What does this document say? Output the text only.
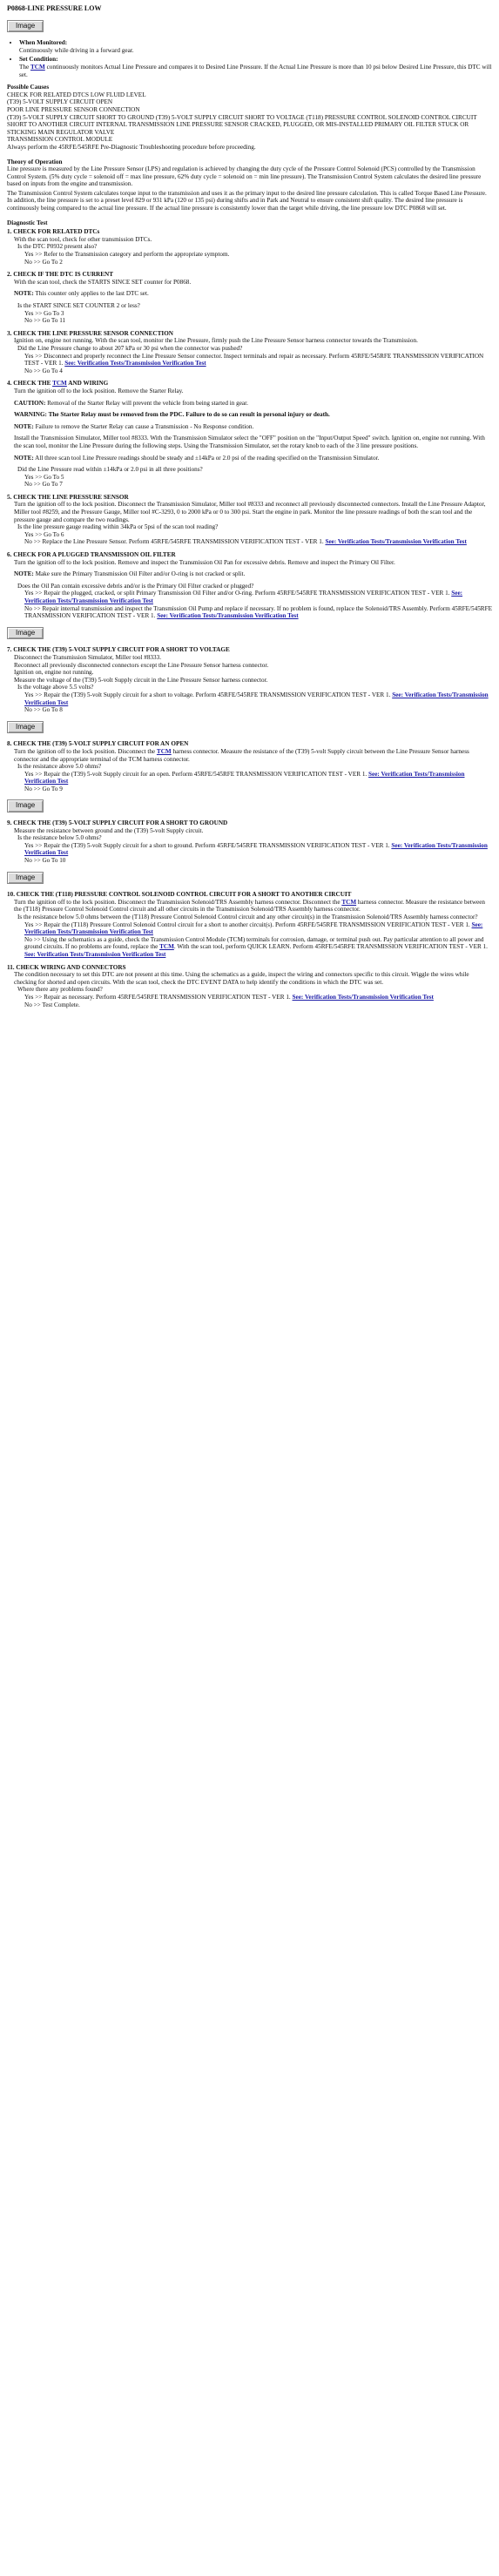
P0868-LINE PRESSURE LOW
Image
• When Monitored:
Continuously while driving in a forward gear.
• Set Condition:
The TCM continuously monitors Actual Line Pressure and compares it to Desired Line Pressure. If the Actual Line Pressure is more than 10 psi below Desired Line Pressure, this DTC will set.
Possible Causes
CHECK FOR RELATED DTCS LOW FLUID LEVEL
(T39) 5-VOLT SUPPLY CIRCUIT OPEN
POOR LINE PRESSURE SENSOR CONNECTION
(T39) 5-VOLT SUPPLY CIRCUIT SHORT TO GROUND (T39) 5-VOLT SUPPLY CIRCUIT SHORT TO VOLTAGE (T118) PRESSURE CONTROL SOLENOID CONTROL CIRCUIT SHORT TO ANOTHER CIRCUIT INTERNAL TRANSMISSION LINE PRESSURE SENSOR CRACKED, PLUGGED, OR MIS-INSTALLED PRIMARY OIL FILTER STUCK OR STICKING MAIN REGULATOR VALVE
TRANSMISSION CONTROL MODULE
Always perform the 45RFE/545RFE Pre-Diagnostic Troubleshooting procedure before proceeding.
Theory of Operation
Line pressure is measured by the Line Pressure Sensor (LPS) and regulation is achieved by changing the duty cycle of the Pressure Control Solenoid (PCS) controlled by the Transmission Control System. (5% duty cycle = solenoid off = max line pressure, 62% duty cycle = solenoid on = min line pressure). The Transmission Control System calculates the desired line pressure based on inputs from the engine and transmission.
The Transmission Control System calculates torque input to the transmission and uses it as the primary input to the desired line pressure calculation. This is called Torque Based Line Pressure. In addition, the line pressure is set to a preset level 829 or 931 kPa (120 or 135 psi) during shifts and in Park and Neutral to ensure consistent shift quality. The desired line pressure is continuously being compared to the actual line pressure. If the actual line pressure is consistently lower than the target while driving, the line pressure low DTC P0868 will set.
Diagnostic Test
1. CHECK FOR RELATED DTCs
With the scan tool, check for other transmission DTCs.
Is the DTC P0932 present also?
Yes >> Refer to the Transmission category and perform the appropriate symptom.
No >> Go To 2
2. CHECK IF THE DTC IS CURRENT
With the scan tool, check the STARTS SINCE SET counter for P0868.
NOTE: This counter only applies to the last DTC set.
Is the START SINCE SET COUNTER 2 or less?
Yes >> Go To 3
No >> Go To 11
3. CHECK THE LINE PRESSURE SENSOR CONNECTION
Ignition on, engine not running. With the scan tool, monitor the Line Pressure, firmly push the Line Pressure Sensor harness connector towards the Transmission.
Did the Line Pressure change to about 207 kPa or 30 psi when the connector was pushed?
Yes >> Disconnect and properly reconnect the Line Pressure Sensor connector. Inspect terminals and repair as necessary. Perform 45RFE/545RFE TRANSMISSION VERIFICATION TEST - VER 1. See: Verification Tests/Transmission Verification Test
No >> Go To 4
4. CHECK THE TCM AND WIRING
Turn the ignition off to the lock position. Remove the Starter Relay.
CAUTION: Removal of the Starter Relay will prevent the vehicle from being started in gear.
WARNING: The Starter Relay must be removed from the PDC. Failure to do so can result in personal injury or death.
NOTE: Failure to remove the Starter Relay can cause a Transmission - No Response condition.
Install the Transmission Simulator, Miller tool #8333. With the Transmission Simulator select the "OFF" position on the "Input/Output Speed" switch. Ignition on, engine not running. With the scan tool, monitor the Line Pressure during the following steps. Using the Transmission Simulator, set the rotary knob to each of the 3 line pressure positions.
NOTE: All three scan tool Line Pressure readings should be steady and ±14kPa or 2.0 psi of the reading specified on the Transmission Simulator.
Did the Line Pressure read within ±14kPa or 2.0 psi in all three positions?
Yes >> Go To 5
No >> Go To 7
5. CHECK THE LINE PRESSURE SENSOR
Turn the ignition off to the lock position. Disconnect the Transmission Simulator, Miller tool #8333 and reconnect all previously disconnected connectors. Install the Line Pressure Adaptor, Miller tool #8259, and the Pressure Gauge, Miller tool #C-3293, 0 to 2000 kPa or 0 to 300 psi. Start the engine in park. Monitor the line pressure readings of both the scan tool and the pressure gauge and compare the two readings.
Is the line pressure gauge reading within 34kPa or 5psi of the scan tool reading?
Yes >> Go To 6
No >> Replace the Line Pressure Sensor. Perform 45RFE/545RFE TRANSMISSION VERIFICATION TEST - VER 1. See: Verification Tests/Transmission Verification Test
6. CHECK FOR A PLUGGED TRANSMISSION OIL FILTER
Turn the ignition off to the lock position. Remove and inspect the Transmission Oil Pan for excessive debris. Remove and inspect the Primary Oil Filter.
NOTE: Make sure the Primary Transmission Oil Filter and/or O-ring is not cracked or split.
Does the Oil Pan contain excessive debris and/or is the Primary Oil Filter cracked or plugged?
Yes >> Repair the plugged, cracked, or split Primary Transmission Oil Filter and/or O-ring. Perform 45RFE/545RFE TRANSMISSION VERIFICATION TEST - VER 1. See: Verification Tests/Transmission Verification Test
No >> Repair internal transmission and inspect the Transmission Oil Pump and replace if necessary. If no problem is found, replace the Solenoid/TRS Assembly. Perform 45RFE/545RFE TRANSMISSION VERIFICATION TEST - VER 1. See: Verification Tests/Transmission Verification Test
Image
7. CHECK THE (T39) 5-VOLT SUPPLY CIRCUIT FOR A SHORT TO VOLTAGE
Disconnect the Transmission Simulator, Miller tool #8333.
Reconnect all previously disconnected connectors except the Line Pressure Sensor harness connector.
Ignition on, engine not running.
Measure the voltage of the (T39) 5-volt Supply circuit in the Line Pressure Sensor harness connector.
Is the voltage above 5.5 volts?
Yes >> Repair the (T39) 5-volt Supply circuit for a short to voltage. Perform 45RFE/545RFE TRANSMISSION VERIFICATION TEST - VER 1. See: Verification Tests/Transmission Verification Test
No >> Go To 8
Image
8. CHECK THE (T39) 5-VOLT SUPPLY CIRCUIT FOR AN OPEN
Turn the ignition off to the lock position. Disconnect the TCM harness connector. Measure the resistance of the (T39) 5-volt Supply circuit between the Line Pressure Sensor harness connector and the appropriate terminal of the TCM harness connector.
Is the resistance above 5.0 ohms?
Yes >> Repair the (T39) 5-volt Supply circuit for an open. Perform 45RFE/545RFE TRANSMISSION VERIFICATION TEST - VER 1. See: Verification Tests/Transmission Verification Test
No >> Go To 9
Image
9. CHECK THE (T39) 5-VOLT SUPPLY CIRCUIT FOR A SHORT TO GROUND
Measure the resistance between ground and the (T39) 5-volt Supply circuit.
Is the resistance below 5.0 ohms?
Yes >> Repair the (T39) 5-volt Supply circuit for a short to ground. Perform 45RFE/545RFE TRANSMISSION VERIFICATION TEST - VER 1. See: Verification Tests/Transmission Verification Test
No >> Go To 10
Image
10. CHECK THE (T118) PRESSURE CONTROL SOLENOID CONTROL CIRCUIT FOR A SHORT TO ANOTHER CIRCUIT
Turn the ignition off to the lock position. Disconnect the Transmission Solenoid/TRS Assembly harness connector. Disconnect the TCM harness connector. Measure the resistance between the (T118) Pressure Control Solenoid Control circuit and all other circuits in the Transmission Solenoid/TRS Assembly harness connector.
Is the resistance below 5.0 ohms between the (T118) Pressure Control Solenoid Control circuit and any other circuit(s) in the Transmission Solenoid/TRS Assembly harness connector?
Yes >> Repair the (T118) Pressure Control Solenoid Control circuit for a short to another circuit(s). Perform 45RFE/545RFE TRANSMISSION VERIFICATION TEST - VER 1. See: Verification Tests/Transmission Verification Test
No >> Using the schematics as a guide, check the Transmission Control Module (TCM) terminals for corrosion, damage, or terminal push out. Pay particular attention to all power and ground circuits. If no problems are found, replace the TCM. With the scan tool, perform QUICK LEARN. Perform 45RFE/545RFE TRANSMISSION VERIFICATION TEST - VER 1. See: Verification Tests/Transmission Verification Test
11. CHECK WIRING AND CONNECTORS
The condition necessary to set this DTC are not present at this time. Using the schematics as a guide, inspect the wiring and connectors specific to this circuit. Wiggle the wires while checking for shorted and open circuits. With the scan tool, check the DTC EVENT DATA to help identify the conditions in which the DTC was set.
Where there any problems found?
Yes >> Repair as necessary. Perform 45RFE/545RFE TRANSMISSION VERIFICATION TEST - VER 1. See: Verification Tests/Transmission Verification Test
No >> Test Complete.
